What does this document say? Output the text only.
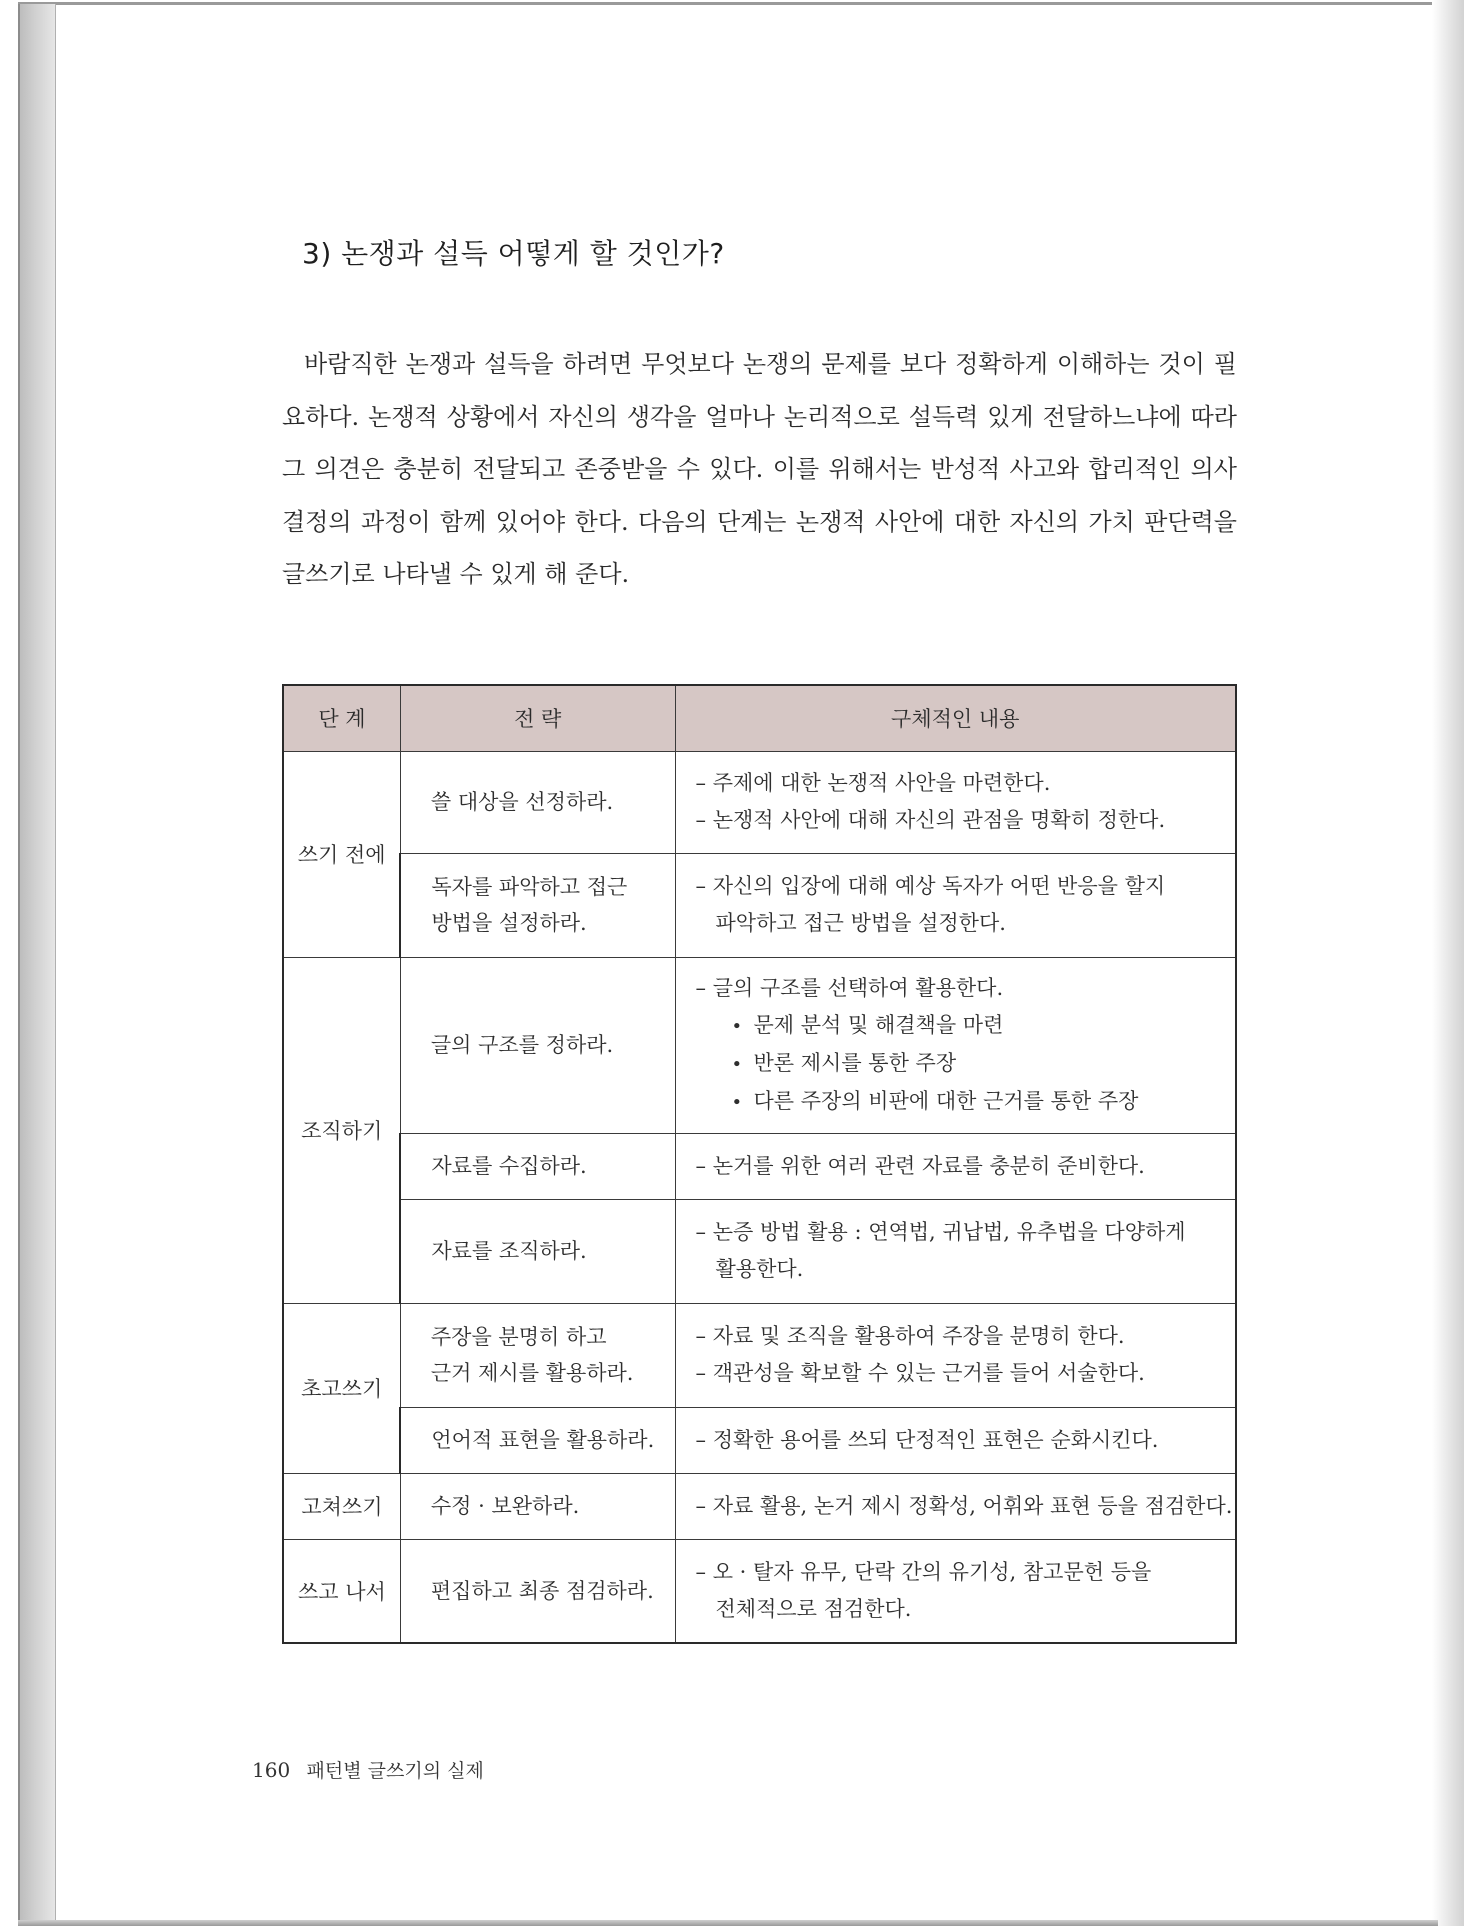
3) 논쟁과 설득 어떻게 할 것인가?

바람직한 논쟁과 설득을 하려면 무엇보다 논쟁의 문제를 보다 정확하게 이해하는 것이 필요하다. 논쟁적 상황에서 자신의 생각을 얼마나 논리적으로 설득력 있게 전달하느냐에 따라 그 의견은 충분히 전달되고 존중받을 수 있다. 이를 위해서는 반성적 사고와 합리적인 의사 결정의 과정이 함께 있어야 한다. 다음의 단계는 논쟁적 사안에 대한 자신의 가치 판단력을 글쓰기로 나타낼 수 있게 해 준다.

단 계	전 략	구체적인 내용
쓰기 전에	쓸 대상을 선정하라.	– 주제에 대한 논쟁적 사안을 마련한다.
– 논쟁적 사안에 대해 자신의 관점을 명확히 정한다.

	독자를 파악하고 접근
방법을 설정하라.	– 자신의 입장에 대해 예상 독자가 어떤 반응을 할지
파악하고 접근 방법을 설정한다.

조직하기	글의 구조를 정하라.	– 글의 구조를 선택하여 활용한다.
• 문제 분석 및 해결책을 마련
• 반론 제시를 통한 주장
• 다른 주장의 비판에 대한 근거를 통한 주장

	자료를 수집하라.	– 논거를 위한 여러 관련 자료를 충분히 준비한다.

	자료를 조직하라.	– 논증 방법 활용 : 연역법, 귀납법, 유추법을 다양하게
활용한다.

초고쓰기	주장을 분명히 하고
근거 제시를 활용하라.	– 자료 및 조직을 활용하여 주장을 분명히 한다.
– 객관성을 확보할 수 있는 근거를 들어 서술한다.

	언어적 표현을 활용하라.	– 정확한 용어를 쓰되 단정적인 표현은 순화시킨다.

고쳐쓰기	수정 · 보완하라.	– 자료 활용, 논거 제시 정확성, 어휘와 표현 등을 점검한다.

쓰고 나서	편집하고 최종 점검하라.	– 오 · 탈자 유무, 단락 간의 유기성, 참고문헌 등을
전체적으로 점검한다.
160 패턴별 글쓰기의 실제
